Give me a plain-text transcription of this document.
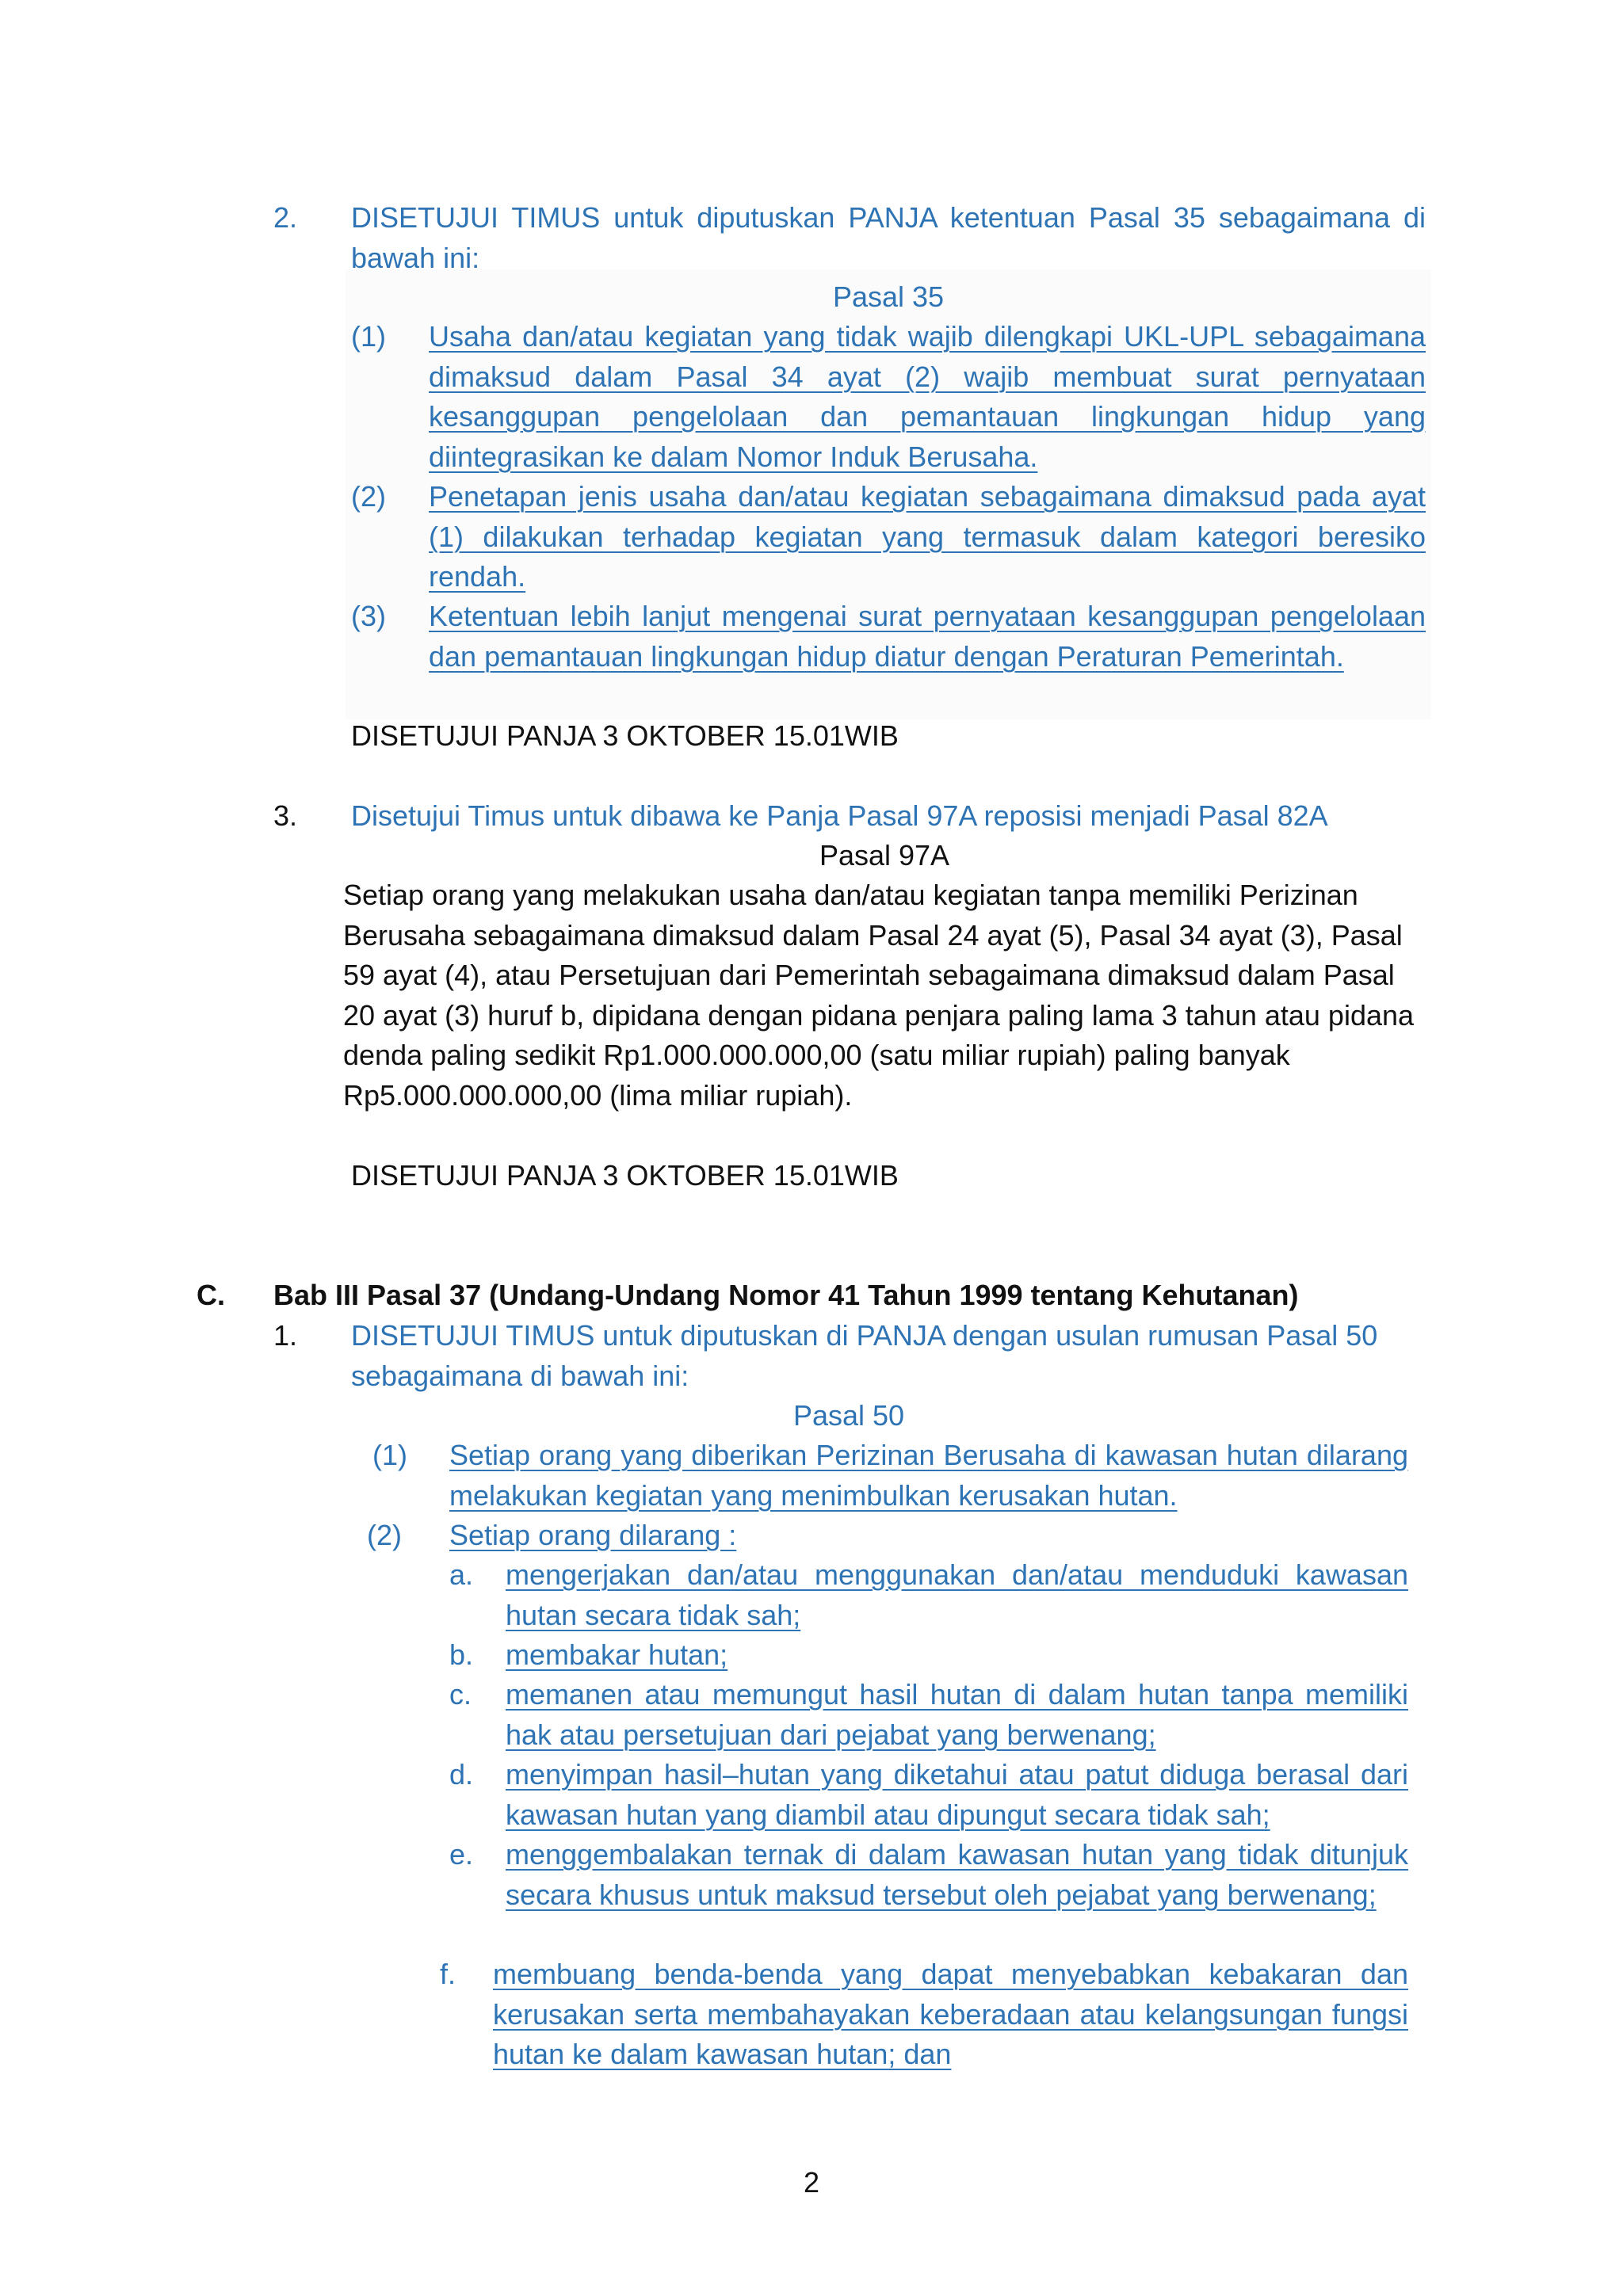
2. DISETUJUI TIMUS untuk diputuskan PANJA ketentuan Pasal 35 sebagaimana di bawah ini:
Pasal 35
(1) Usaha dan/atau kegiatan yang tidak wajib dilengkapi UKL-UPL sebagaimana dimaksud dalam Pasal 34 ayat (2) wajib membuat surat pernyataan kesanggupan pengelolaan dan pemantauan lingkungan hidup yang diintegrasikan ke dalam Nomor Induk Berusaha.
(2) Penetapan jenis usaha dan/atau kegiatan sebagaimana dimaksud pada ayat (1) dilakukan terhadap kegiatan yang termasuk dalam kategori beresiko rendah.
(3) Ketentuan lebih lanjut mengenai surat pernyataan kesanggupan pengelolaan dan pemantauan lingkungan hidup diatur dengan Peraturan Pemerintah.
DISETUJUI PANJA 3 OKTOBER 15.01WIB
3. Disetujui Timus untuk dibawa ke Panja Pasal 97A reposisi menjadi Pasal 82A
Pasal 97A
Setiap orang yang melakukan usaha dan/atau kegiatan tanpa memiliki Perizinan Berusaha sebagaimana dimaksud dalam Pasal 24 ayat (5), Pasal 34 ayat (3), Pasal 59 ayat (4), atau Persetujuan dari Pemerintah sebagaimana dimaksud dalam Pasal 20 ayat (3) huruf b, dipidana dengan pidana penjara paling lama 3 tahun atau pidana denda paling sedikit Rp1.000.000.000,00 (satu miliar rupiah) paling banyak Rp5.000.000.000,00 (lima miliar rupiah).
DISETUJUI PANJA 3 OKTOBER 15.01WIB
C. Bab III Pasal 37 (Undang-Undang Nomor 41 Tahun 1999 tentang Kehutanan)
1. DISETUJUI TIMUS untuk diputuskan di PANJA dengan usulan rumusan Pasal 50 sebagaimana di bawah ini:
Pasal 50
(1) Setiap orang yang diberikan Perizinan Berusaha di kawasan hutan dilarang melakukan kegiatan yang menimbulkan kerusakan hutan.
(2) Setiap orang dilarang :
a. mengerjakan dan/atau menggunakan dan/atau menduduki kawasan hutan secara tidak sah;
b. membakar hutan;
c. memanen atau memungut hasil hutan di dalam hutan tanpa memiliki hak atau persetujuan dari pejabat yang berwenang;
d. menyimpan hasil–hutan yang diketahui atau patut diduga berasal dari kawasan hutan yang diambil atau dipungut secara tidak sah;
e. menggembalakan ternak di dalam kawasan hutan yang tidak ditunjuk secara khusus untuk maksud tersebut oleh pejabat yang berwenang;
f. membuang benda-benda yang dapat menyebabkan kebakaran dan kerusakan serta membahayakan keberadaan atau kelangsungan fungsi hutan ke dalam kawasan hutan; dan
2
